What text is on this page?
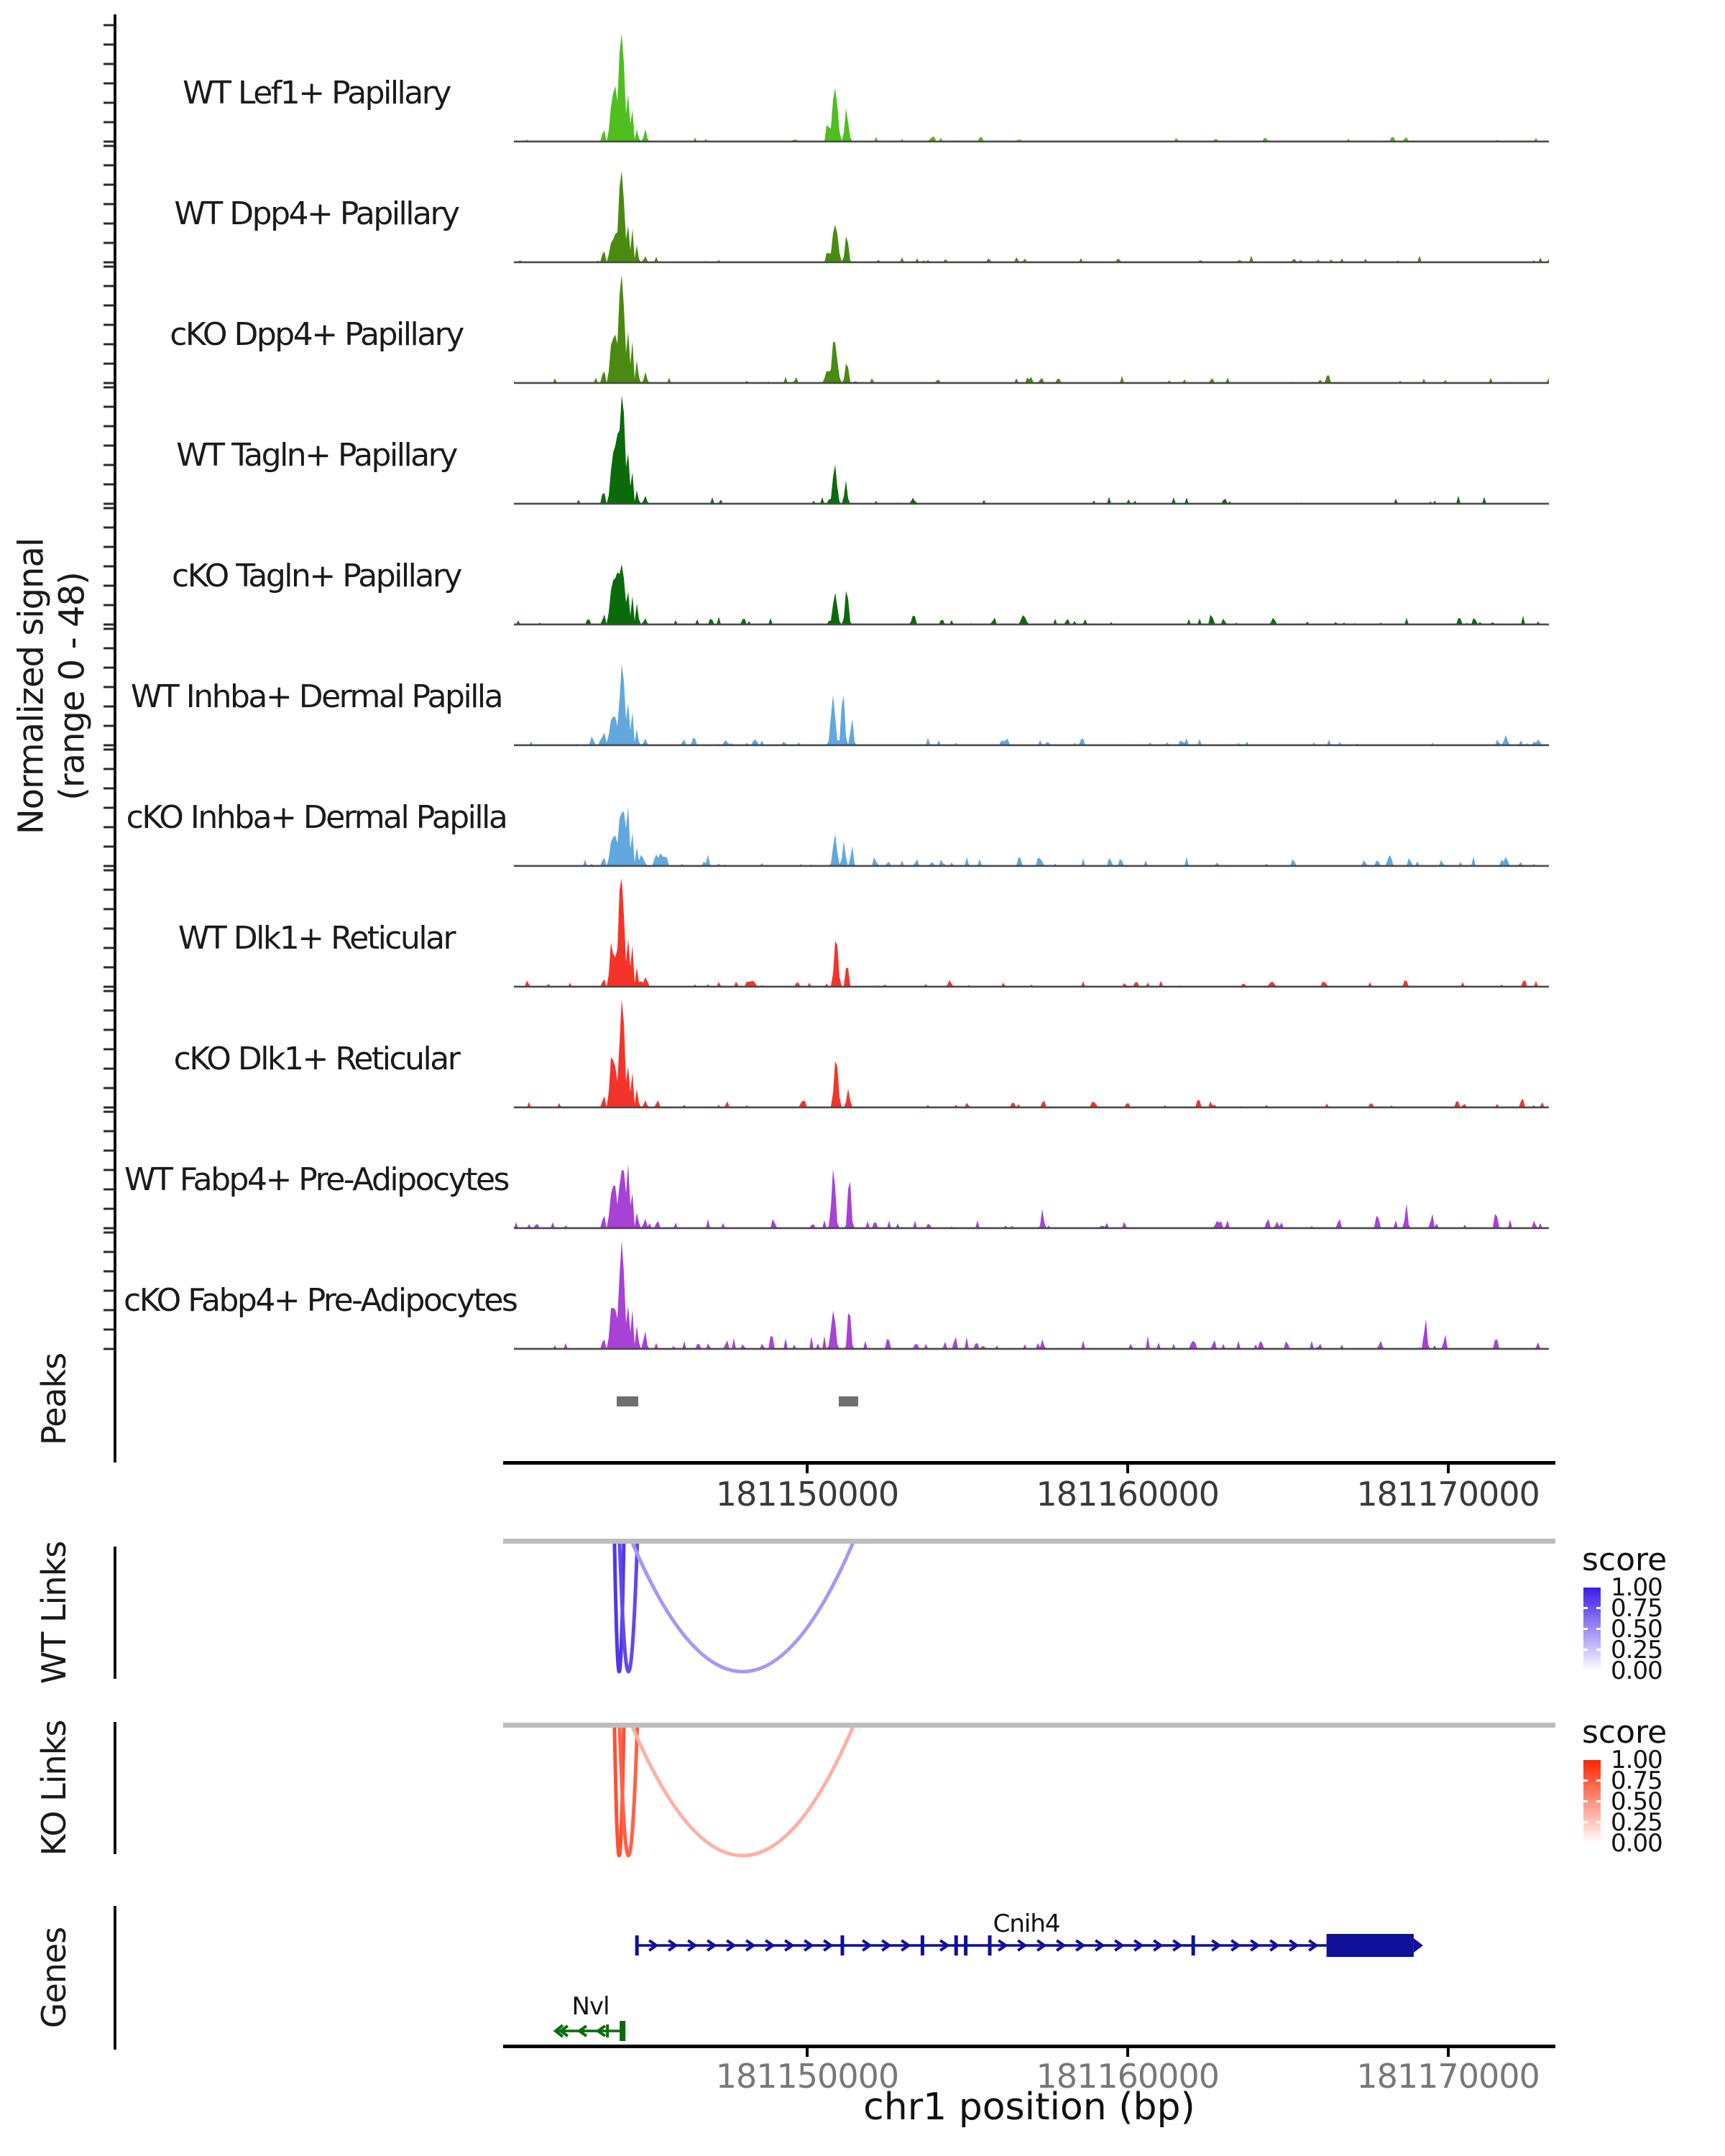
Normalized signal (range 0 - 48)
WT Lef1+ Papillary
WT Dpp4+ Papillary
cKO Dpp4+ Papillary
WT Tagln+ Papillary
cKO Tagln+ Papillary
WT Inhba+ Dermal Papilla
cKO Inhba+ Dermal Papilla
WT Dlk1+ Reticular
cKO Dlk1+ Reticular
WT Fabp4+ Pre-Adipocytes
cKO Fabp4+ Pre-Adipocytes
Peaks
181150000	181160000	181170000
WT Links	score
1.00
0.75
0.50
0.25
0.00
KO Links	score
1.00
0.75
0.50
0.25
0.00
Genes
Cnih4
Nvl
181150000	181160000	181170000
chr1 position (bp)
